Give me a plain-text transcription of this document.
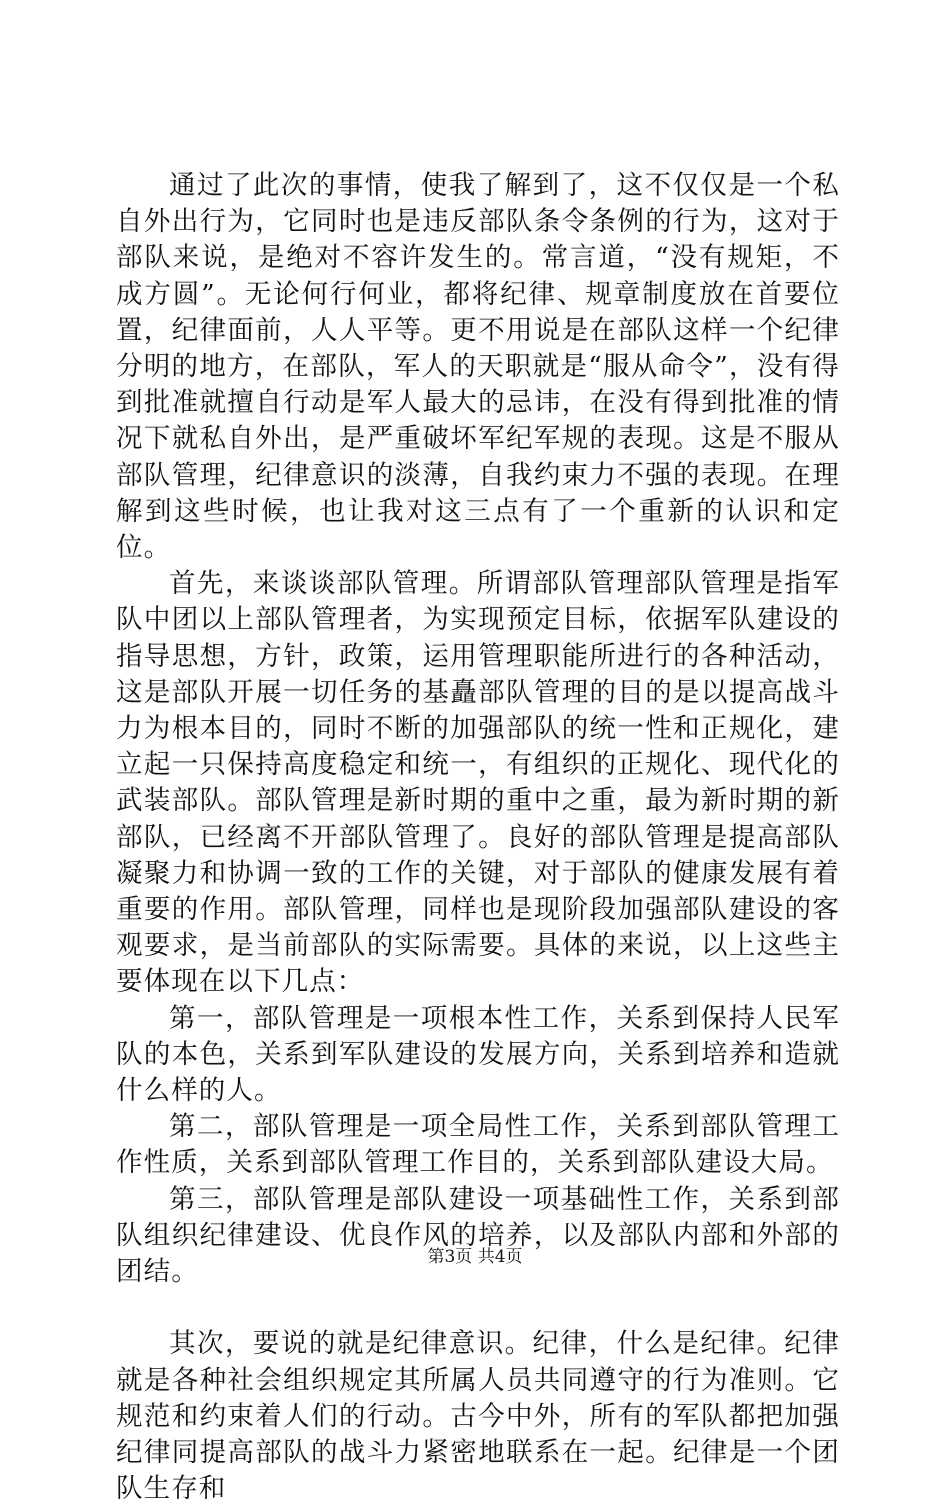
通过了此次的事情，使我了解到了，这不仅仅是一个私自外出行为，它同时也是违反部队条令条例的行为，这对于部队来说，是绝对不容许发生的。常言道，“没有规矩，不成方圆”。无论何行何业，都将纪律、规章制度放在首要位置，纪律面前，人人平等。更不用说是在部队这样一个纪律分明的地方，在部队，军人的天职就是“服从命令”，没有得到批准就擅自行动是军人最大的忌讳，在没有得到批准的情况下就私自外出，是严重破坏军纪军规的表现。这是不服从部队管理，纪律意识的淡薄，自我约束力不强的表现。在理解到这些时候，也让我对这三点有了一个重新的认识和定位。

首先，来谈谈部队管理。所谓部队管理部队管理是指军队中团以上部队管理者，为实现预定目标，依据军队建设的指导思想，方针，政策，运用管理职能所进行的各种活动，这是部队开展一切任务的基矗部队管理的目的是以提高战斗力为根本目的，同时不断的加强部队的统一性和正规化，建立起一只保持高度稳定和统一，有组织的正规化、现代化的武装部队。部队管理是新时期的重中之重，最为新时期的新部队，已经离不开部队管理了。良好的部队管理是提高部队凝聚力和协调一致的工作的关键，对于部队的健康发展有着重要的作用。部队管理，同样也是现阶段加强部队建设的客观要求，是当前部队的实际需要。具体的来说，以上这些主要体现在以下几点：

第一，部队管理是一项根本性工作，关系到保持人民军队的本色，关系到军队建设的发展方向，关系到培养和造就什么样的人。

第二，部队管理是一项全局性工作，关系到部队管理工作性质，关系到部队管理工作目的，关系到部队建设大局。

第三，部队管理是部队建设一项基础性工作，关系到部队组织纪律建设、优良作风的培养，以及部队内部和外部的团结。

其次，要说的就是纪律意识。纪律，什么是纪律。纪律就是各种社会组织规定其所属人员共同遵守的行为准则。它规范和约束着人们的行动。古今中外，所有的军队都把加强纪律同提高部队的战斗力紧密地联系在一起。纪律是一个团队生存和

第3页 共4页
